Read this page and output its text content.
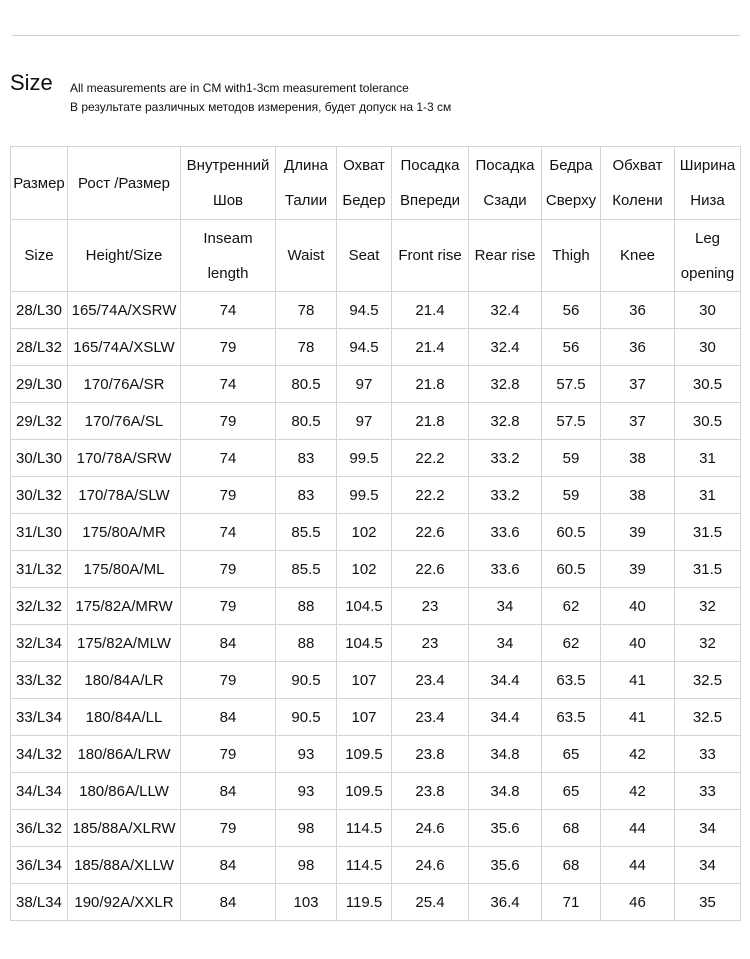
Size All measurements are in CM with1-3cm measurement tolerance
В результате различных методов измерения, будет допуск на 1-3 см
Размер	Рост /Размер	Внутренний Шов	Длина Талии	Охват Бедер	Посадка Впереди	Посадка Сзади	Бедра Сверху	Обхват Колени	Ширина Низа
Size	Height/Size	Inseam length	Waist	Seat	Front rise	Rear rise	Thigh	Knee	Leg opening
28/L30	165/74A/XSRW	74	78	94.5	21.4	32.4	56	36	30
28/L32	165/74A/XSLW	79	78	94.5	21.4	32.4	56	36	30
29/L30	170/76A/SR	74	80.5	97	21.8	32.8	57.5	37	30.5
29/L32	170/76A/SL	79	80.5	97	21.8	32.8	57.5	37	30.5
30/L30	170/78A/SRW	74	83	99.5	22.2	33.2	59	38	31
30/L32	170/78A/SLW	79	83	99.5	22.2	33.2	59	38	31
31/L30	175/80A/MR	74	85.5	102	22.6	33.6	60.5	39	31.5
31/L32	175/80A/ML	79	85.5	102	22.6	33.6	60.5	39	31.5
32/L32	175/82A/MRW	79	88	104.5	23	34	62	40	32
32/L34	175/82A/MLW	84	88	104.5	23	34	62	40	32
33/L32	180/84A/LR	79	90.5	107	23.4	34.4	63.5	41	32.5
33/L34	180/84A/LL	84	90.5	107	23.4	34.4	63.5	41	32.5
34/L32	180/86A/LRW	79	93	109.5	23.8	34.8	65	42	33
34/L34	180/86A/LLW	84	93	109.5	23.8	34.8	65	42	33
36/L32	185/88A/XLRW	79	98	114.5	24.6	35.6	68	44	34
36/L34	185/88A/XLLW	84	98	114.5	24.6	35.6	68	44	34
38/L34	190/92A/XXLR	84	103	119.5	25.4	36.4	71	46	35
